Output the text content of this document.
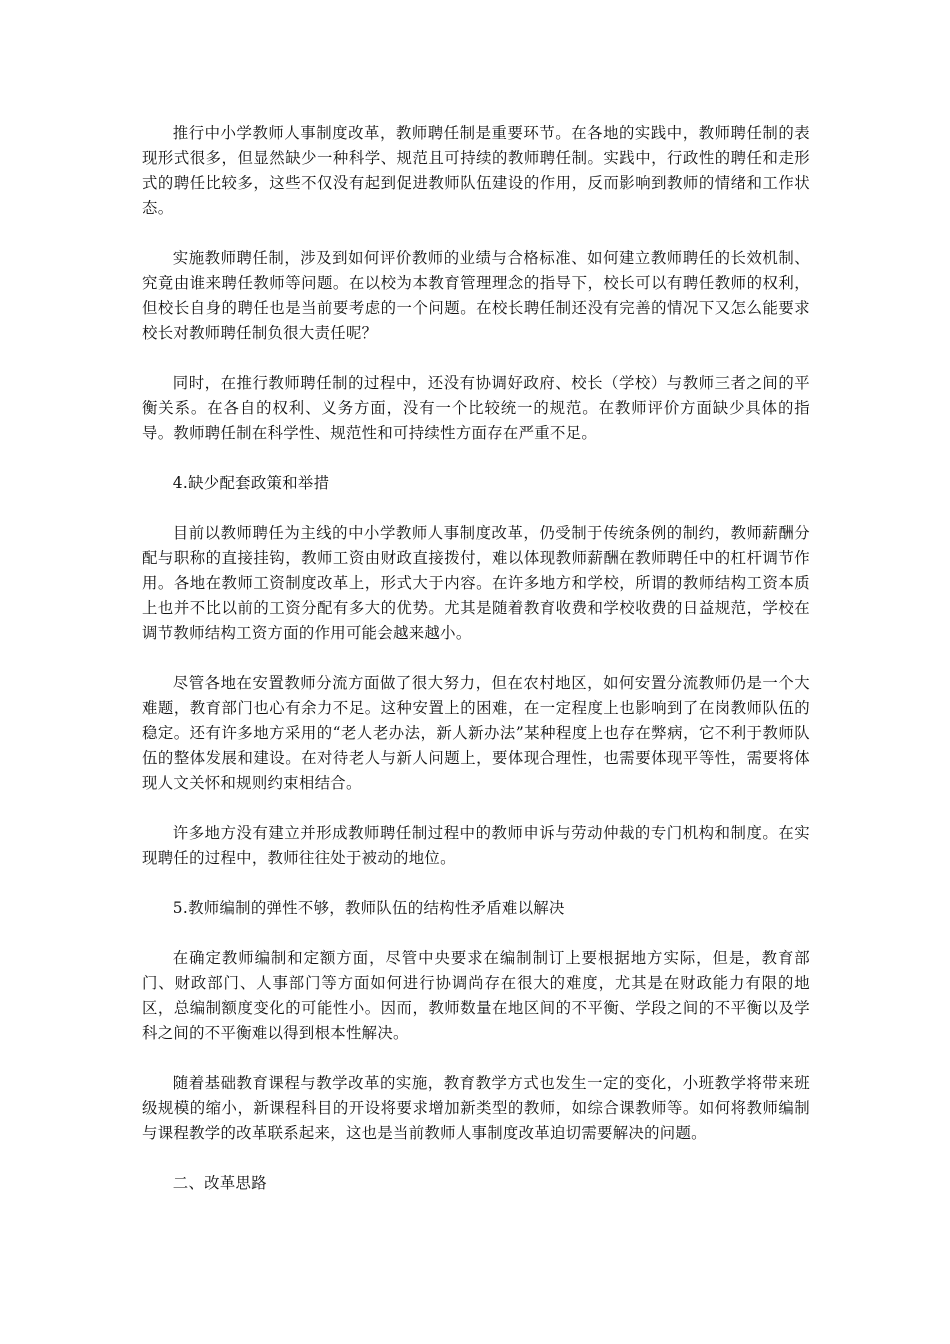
推行中小学教师人事制度改革，教师聘任制是重要环节。在各地的实践中，教师聘任制的表现形式很多，但显然缺少一种科学、规范且可持续的教师聘任制。实践中，行政性的聘任和走形式的聘任比较多，这些不仅没有起到促进教师队伍建设的作用，反而影响到教师的情绪和工作状态。

实施教师聘任制，涉及到如何评价教师的业绩与合格标准、如何建立教师聘任的长效机制、究竟由谁来聘任教师等问题。在以校为本教育管理理念的指导下，校长可以有聘任教师的权利，但校长自身的聘任也是当前要考虑的一个问题。在校长聘任制还没有完善的情况下又怎么能要求校长对教师聘任制负很大责任呢？

同时，在推行教师聘任制的过程中，还没有协调好政府、校长（学校）与教师三者之间的平衡关系。在各自的权利、义务方面，没有一个比较统一的规范。在教师评价方面缺少具体的指导。教师聘任制在科学性、规范性和可持续性方面存在严重不足。

4.缺少配套政策和举措

目前以教师聘任为主线的中小学教师人事制度改革，仍受制于传统条例的制约，教师薪酬分配与职称的直接挂钩，教师工资由财政直接拨付，难以体现教师薪酬在教师聘任中的杠杆调节作用。各地在教师工资制度改革上，形式大于内容。在许多地方和学校，所谓的教师结构工资本质上也并不比以前的工资分配有多大的优势。尤其是随着教育收费和学校收费的日益规范，学校在调节教师结构工资方面的作用可能会越来越小。

尽管各地在安置教师分流方面做了很大努力，但在农村地区，如何安置分流教师仍是一个大难题，教育部门也心有余力不足。这种安置上的困难，在一定程度上也影响到了在岗教师队伍的稳定。还有许多地方采用的“老人老办法，新人新办法”某种程度上也存在弊病，它不利于教师队伍的整体发展和建设。在对待老人与新人问题上，要体现合理性，也需要体现平等性，需要将体现人文关怀和规则约束相结合。

许多地方没有建立并形成教师聘任制过程中的教师申诉与劳动仲裁的专门机构和制度。在实现聘任的过程中，教师往往处于被动的地位。

5.教师编制的弹性不够，教师队伍的结构性矛盾难以解决

在确定教师编制和定额方面，尽管中央要求在编制制订上要根据地方实际，但是，教育部门、财政部门、人事部门等方面如何进行协调尚存在很大的难度，尤其是在财政能力有限的地区，总编制额度变化的可能性小。因而，教师数量在地区间的不平衡、学段之间的不平衡以及学科之间的不平衡难以得到根本性解决。

随着基础教育课程与教学改革的实施，教育教学方式也发生一定的变化，小班教学将带来班级规模的缩小，新课程科目的开设将要求增加新类型的教师，如综合课教师等。如何将教师编制与课程教学的改革联系起来，这也是当前教师人事制度改革迫切需要解决的问题。

二、改革思路
